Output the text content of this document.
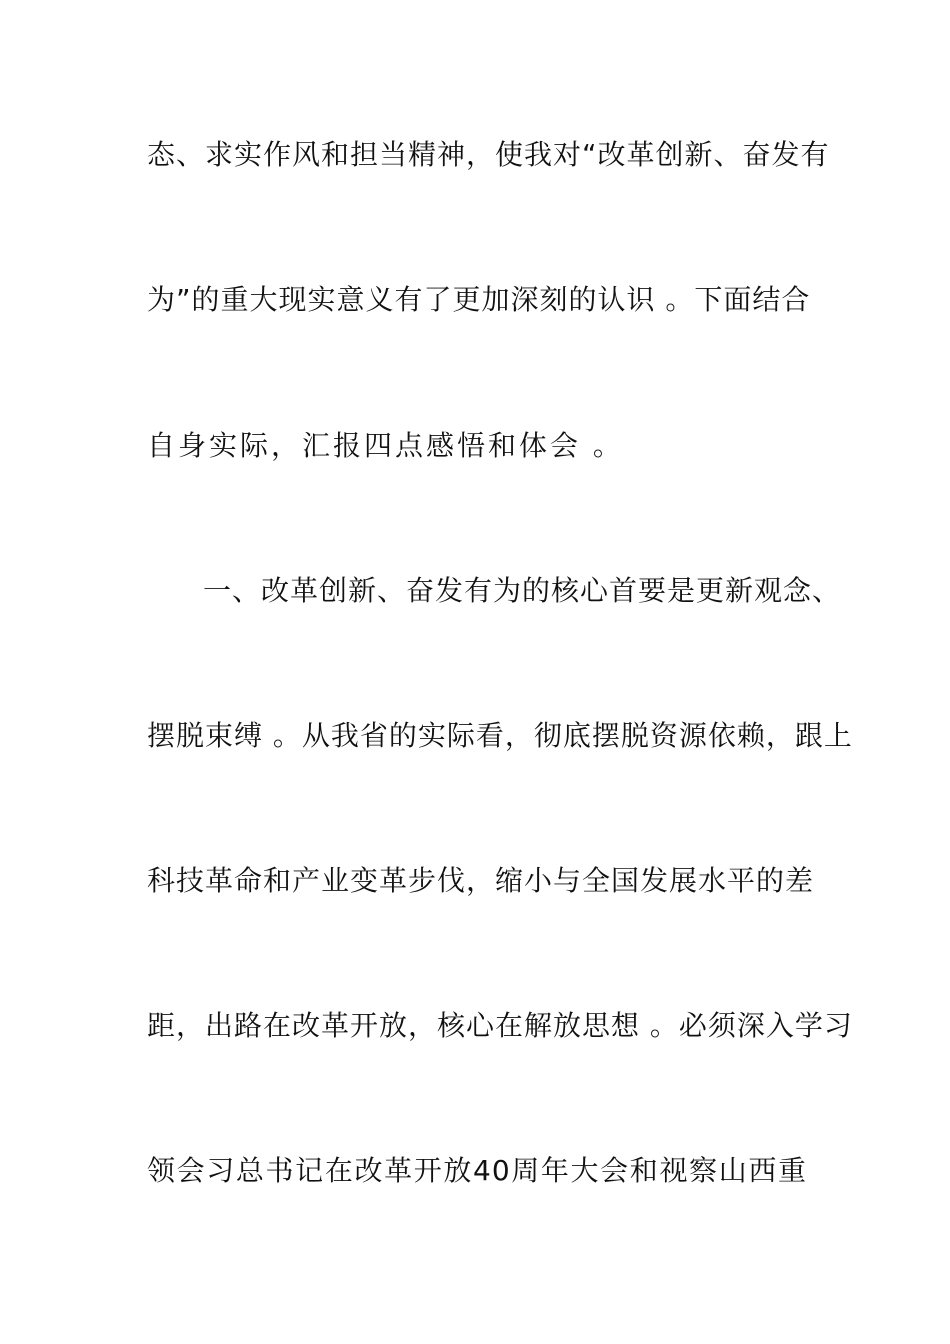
态、求实作风和担当精神，使我对“改革创新、奋发有
为”的重大现实意义有了更加深刻的认识 。下面结合
自身实际，汇报四点感悟和体会 。
一、改革创新、奋发有为的核心首要是更新观念、
摆脱束缚 。从我省的实际看，彻底摆脱资源依赖，跟上
科技革命和产业变革步伐，缩小与全国发展水平的差
距，出路在改革开放，核心在解放思想 。必须深入学习
领会习总书记在改革开放40周年大会和视察山西重
